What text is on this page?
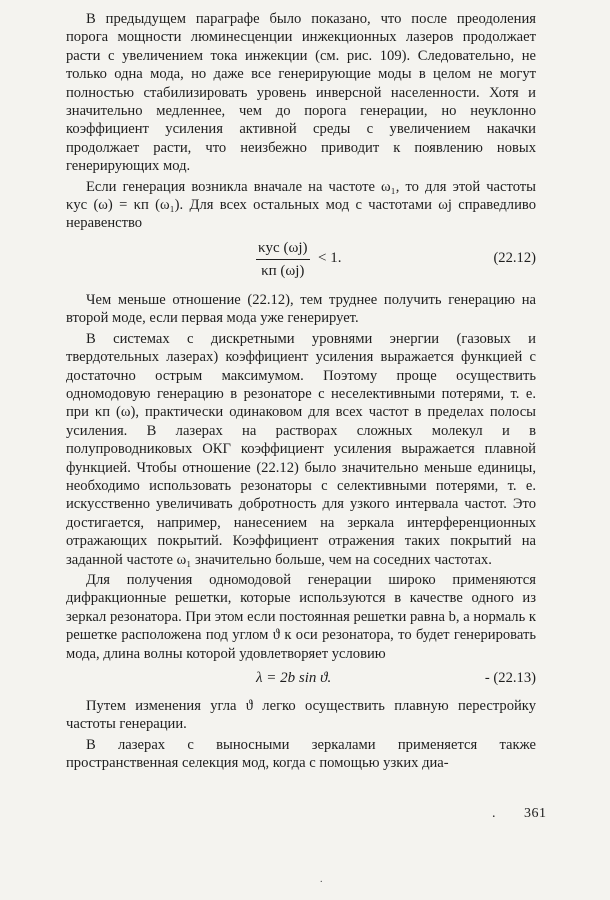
В предыдущем параграфе было показано, что после преодоления порога мощности люминесценции инжекционных лазеров продолжает расти с увеличением тока инжекции (см. рис. 109). Следовательно, не только одна мода, но даже все генерирующие моды в целом не могут полностью стабилизировать уровень инверсной населенности. Хотя и значительно медленнее, чем до порога генерации, но неуклонно коэффициент усиления активной среды с увеличением накачки продолжает расти, что неизбежно приводит к появлению новых генерирующих мод.

Если генерация возникла вначале на частоте ω₁, то для этой частоты κус (ω) = κп (ω₁). Для всех остальных мод с частотами ωj справедливо неравенство

κус (ωj)
κп (ωj)
< 1.	(22.12)

Чем меньше отношение (22.12), тем труднее получить генерацию на второй моде, если первая мода уже генерирует.

В системах с дискретными уровнями энергии (газовых и твердотельных лазерах) коэффициент усиления выражается функцией с достаточно острым максимумом. Поэтому проще осуществить одномодовую генерацию в резонаторе с неселективными потерями, т. е. при κп (ω), практически одинаковом для всех частот в пределах полосы усиления. В лазерах на растворах сложных молекул и в полупроводниковых ОКГ коэффициент усиления выражается плавной функцией. Чтобы отношение (22.12) было значительно меньше единицы, необходимо использовать резонаторы с селективными потерями, т. е. искусственно увеличивать добротность для узкого интервала частот. Это достигается, например, нанесением на зеркала интерференционных отражающих покрытий. Коэффициент отражения таких покрытий на заданной частоте ω₁ значительно больше, чем на соседних частотах.

Для получения одномодовой генерации широко применяются дифракционные решетки, которые используются в качестве одного из зеркал резонатора. При этом если постоянная решетки равна b, а нормаль к решетке расположена под углом ϑ к оси резонатора, то будет генерировать мода, длина волны которой удовлетворяет условию

λ = 2b sin ϑ.	- (22.13)

Путем изменения угла ϑ легко осуществить плавную перестройку частоты генерации.

В лазерах с выносными зеркалами применяется также пространственная селекция мод, когда с помощью узких диа-

. 361
.
